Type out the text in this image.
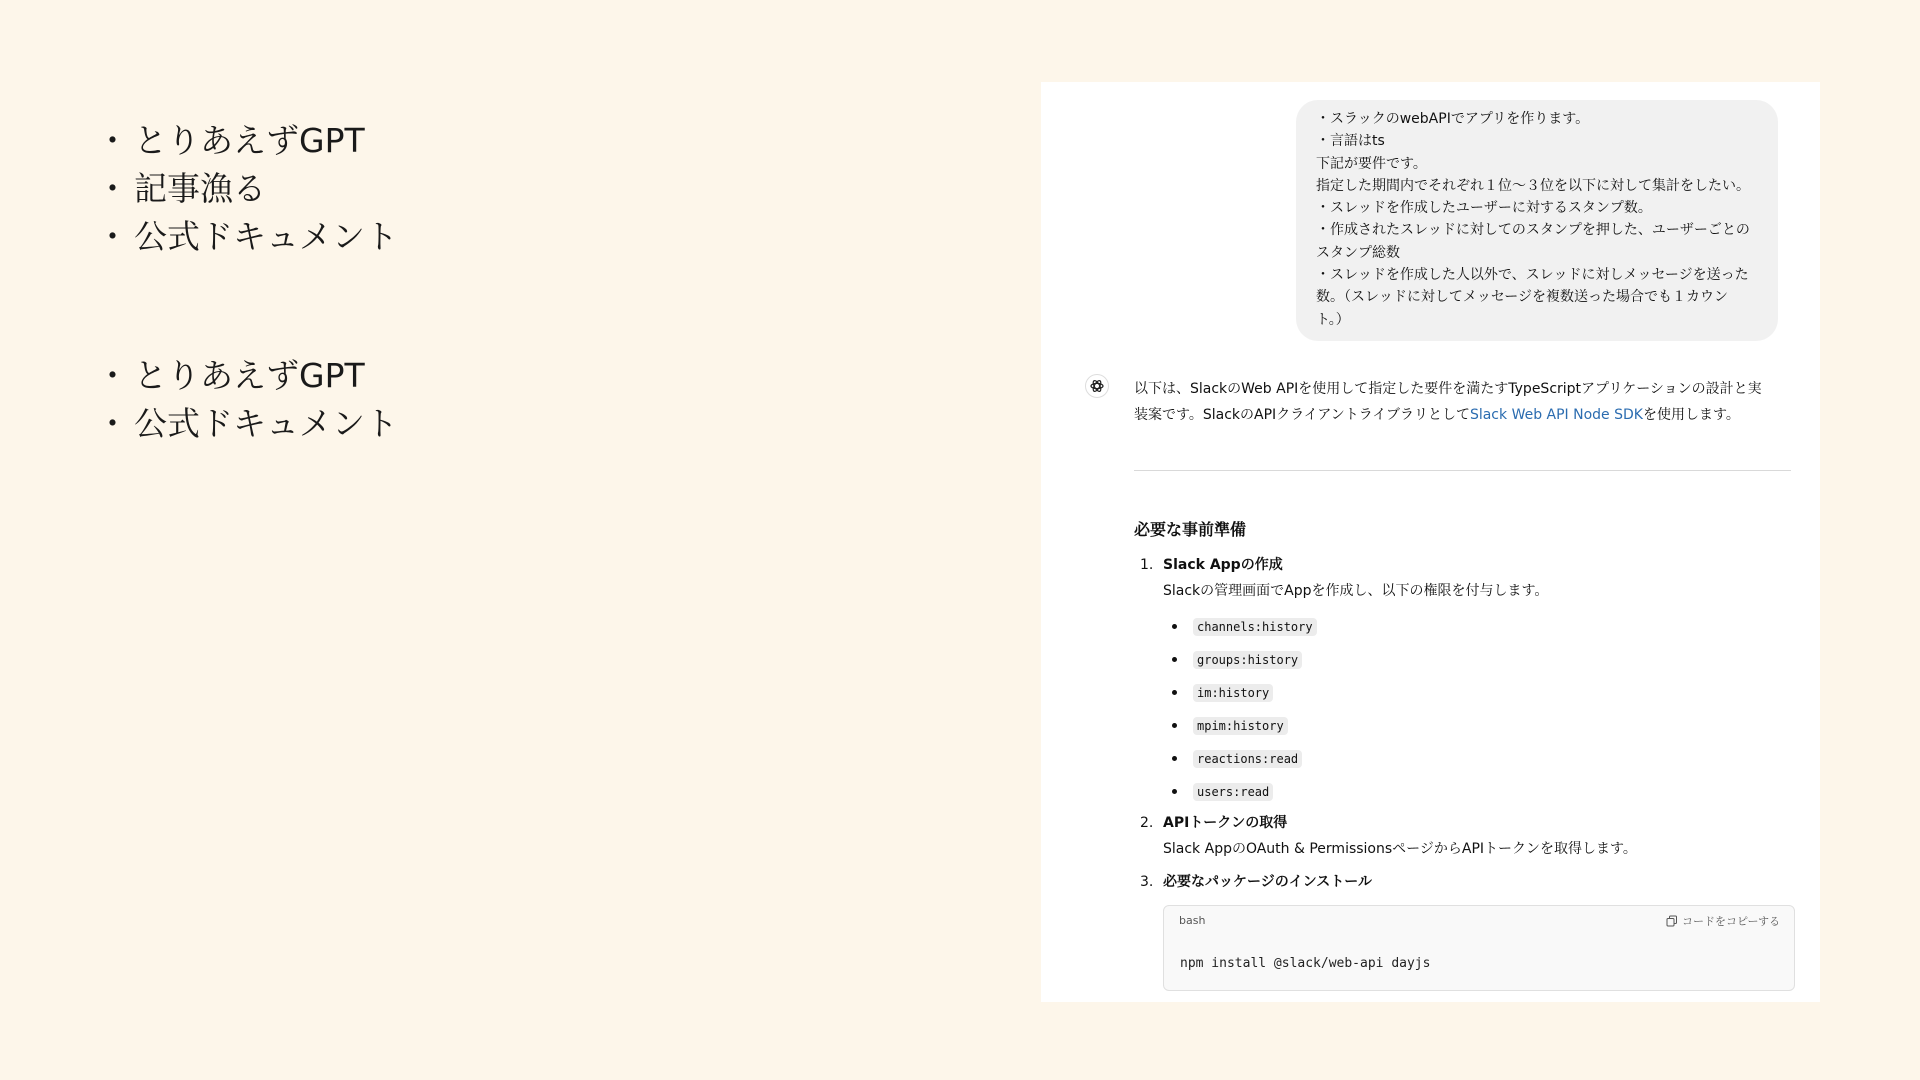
・ とりあえずGPT
・ 記事漁る
・ 公式ドキュメント
・ とりあえずGPT
・ 公式ドキュメント
・スラックのwebAPIでアプリを作ります。
・言語はts
下記が要件です。
指定した期間内でそれぞれ１位〜３位を以下に対して集計をしたい。
・スレッドを作成したユーザーに対するスタンプ数。
・作成されたスレッドに対してのスタンプを押した、ユーザーごとの
スタンプ総数
・スレッドを作成した人以外で、スレッドに対しメッセージを送った
数。（スレッドに対してメッセージを複数送った場合でも１カウン
ト。）
以下は、SlackのWeb APIを使用して指定した要件を満たすTypeScriptアプリケーションの設計と実
装案です。SlackのAPIクライアントライブラリとしてSlack Web API Node SDKを使用します。
必要な事前準備
1. Slack Appの作成
Slackの管理画面でAppを作成し、以下の権限を付与します。
channels:history
groups:history
im:history
mpim:history
reactions:read
users:read
2. APIトークンの取得
Slack AppのOAuth & PermissionsページからAPIトークンを取得します。
3. 必要なパッケージのインストール
bash	コードをコピーする
npm install @slack/web-api dayjs
